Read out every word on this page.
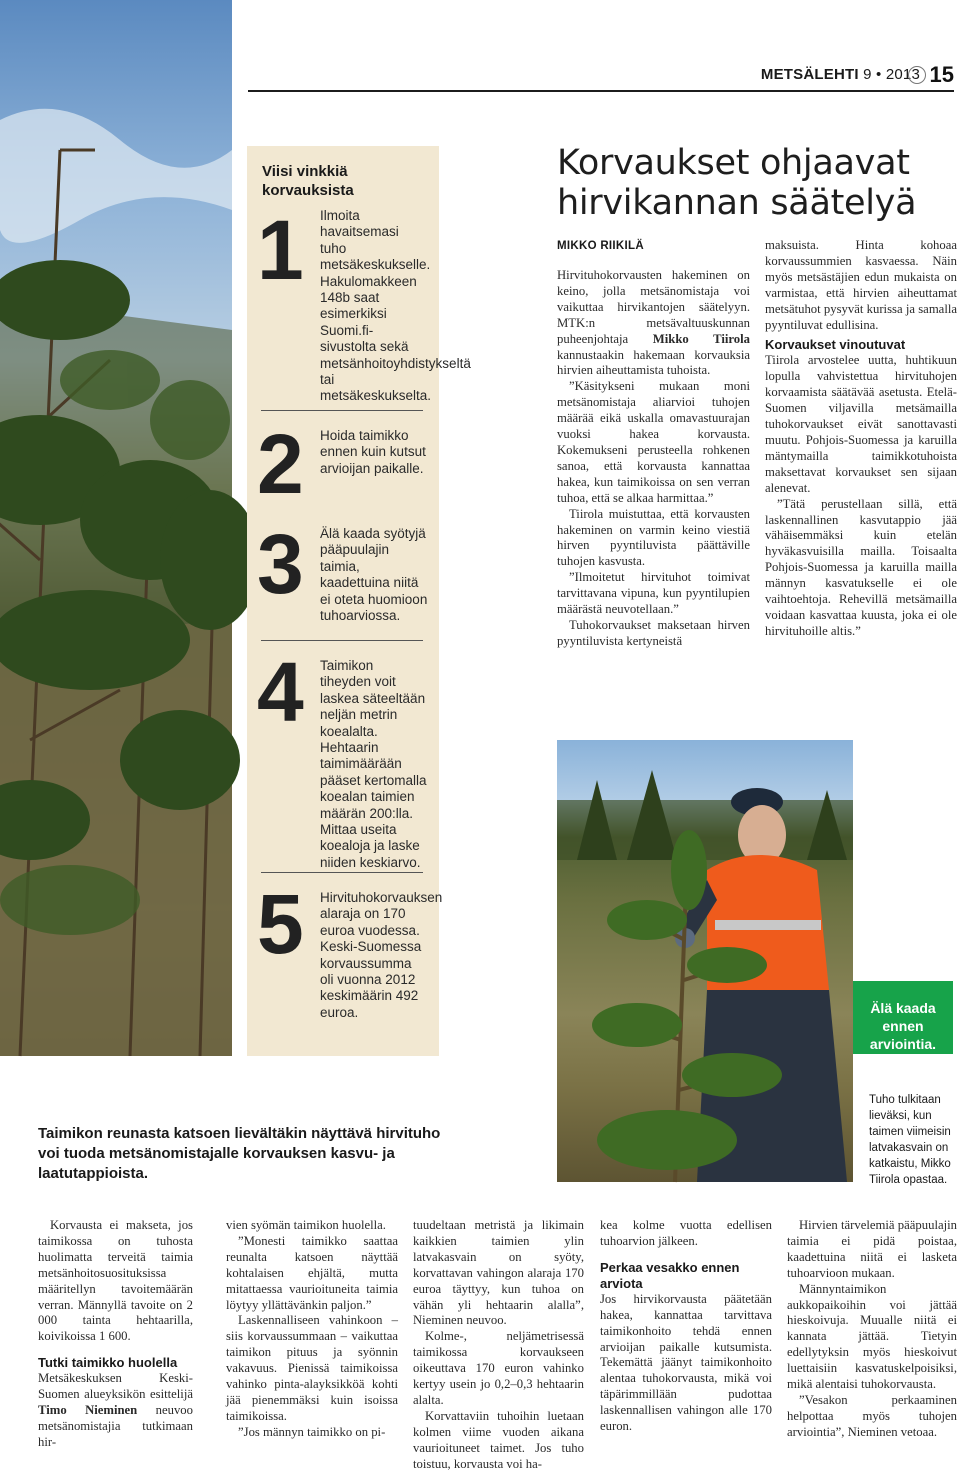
METSÄLEHTI 9 • 2013 15
Viisi vinkkiä korvauksista
1 Ilmoita havaitsemasi tuho metsäkeskukselle. Hakulomakkeen 148b saat esimerkiksi Suomi.fi-sivustolta sekä metsänhoitoyhdistykseltä tai metsäkeskukselta.
2 Hoida taimikko ennen kuin kutsut arvioijan paikalle.
3 Älä kaada syötyjä pääpuulajin taimia, kaadettuina niitä ei oteta huomioon tuhoarviossa.
4 Taimikon tiheyden voit laskea säteeltään neljän metrin koealalta. Hehtaarin taimimäärään pääset kertomalla koealan taimien määrän 200:lla. Mittaa useita koealoja ja laske niiden keskiarvo.
5 Hirvituhokorvauksen alaraja on 170 euroa vuodessa. Keski-Suomessa korvaussumma oli vuonna 2012 keskimäärin 492 euroa.
Korvaukset ohjaavat hirvikannan säätelyä
MIKKO RIIKILÄ

Hirvituhokorvausten hakeminen on keino, jolla metsänomistaja voi vaikuttaa hirvikantojen säätelyyn. MTK:n metsävaltuuskunnan puheenjohtaja Mikko Tiirola kannustaakin hakemaan korvauksia hirvien aiheuttamista tuhoista.

”Käsitykseni mukaan moni metsänomistaja aliarvioi tuhojen määrää eikä uskalla omavastuurajan vuoksi hakea korvausta. Kokemukseni perusteella rohkenen sanoa, että korvausta kannattaa hakea, kun taimikoissa on sen verran tuhoa, että se alkaa harmittaa.”

Tiirola muistuttaa, että korvausten hakeminen on varmin keino viestiä hirven pyyntiluvista päättäville tuhojen kasvusta.

”Ilmoitetut hirvituhot toimivat tarvittavana vipuna, kun pyyntilupien määrästä neuvotellaan.”

Tuhokorvaukset maksetaan hirven pyyntiluvista kertyneistä

maksuista. Hinta kohoaa korvaussummien kasvaessa. Näin myös metsästäjien edun mukaista on varmistaa, että hirvien aiheuttamat metsätuhot pysyvät kurissa ja samalla pyyntiluvat edullisina.

Korvaukset vinoutuvat

Tiirola arvostelee uutta, huhtikuun lopulla vahvistettua hirvituhojen korvaamista säätävää asetusta. Etelä-Suomen viljavilla metsämailla tuhokorvaukset eivät sanottavasti muutu. Pohjois-Suomessa ja karuilla mäntymailla taimikkotuhoista maksettavat korvaukset sen sijaan alenevat.

”Tätä perustellaan sillä, että laskennallinen kasvutappio jää vähäisemmäksi kuin etelän hyväkasvuisilla mailla. Toisaalta Pohjois-Suomessa ja karuilla mailla männyn kasvatukselle ei ole vaihtoehtoja. Rehevillä metsämailla voidaan kasvattaa kuusta, joka ei ole hirvituhoille altis.”

Älä kaada ennen arviointia.
Tuho tulkitaan lieväksi, kun taimen viimeisin latvakasvain on katkaistu, Mikko Tiirola opastaa.
Taimikon reunasta katsoen lievältäkin näyttävä hirvituho voi tuoda metsänomistajalle korvauksen kasvu- ja laatutappioista.

Korvausta ei makseta, jos taimikossa on tuhosta huolimatta terveitä taimia metsänhoitosuosituksissa määritellyn tavoitemäärän verran. Männyllä tavoite on 2 000 tainta hehtaarilla, koivikoissa 1 600.

Tutki taimikko huolella

Metsäkeskuksen Keski-Suomen alueyksikön esittelijä Timo Nieminen neuvoo metsänomistajia tutkimaan hir-

vien syömän taimikon huolella.

”Monesti taimikko saattaa reunalta katsoen näyttää kohtalaisen ehjältä, mutta mitattaessa vaurioituneita taimia löytyy yllättävänkin paljon.”

Laskennalliseen vahinkoon – siis korvaussummaan – vaikuttaa taimikon pituus ja syönnin vakavuus. Pienissä taimikoissa vahinko pinta-alayksikköä kohti jää pienemmäksi kuin isoissa taimikoissa.

”Jos männyn taimikko on pi-

tuudeltaan metristä ja likimain kaikkien taimien ylin latvakasvain on syöty, korvattavan vahingon alaraja 170 euroa täyttyy, kun tuhoa on vähän yli hehtaarin alalla”, Nieminen neuvoo.

Kolme-, neljämetrisessä taimikossa korvaukseen oikeuttava 170 euron vahinko kertyy usein jo 0,2–0,3 hehtaarin alalta.

Korvattaviin tuhoihin luetaan kolmen viime vuoden aikana vaurioituneet taimet. Jos tuho toistuu, korvausta voi ha-

kea kolme vuotta edellisen tuhoarvion jälkeen.

Perkaa vesakko ennen arviota

Jos hirvikorvausta päätetään hakea, kannattaa tarvittava taimikonhoito tehdä ennen arvioijan paikalle kutsumista. Tekemättä jäänyt taimikonhoito alentaa tuhokorvausta, mikä voi täpärimmillään pudottaa laskennallisen vahingon alle 170 euron.

Hirvien tärvelemiä pääpuulajin taimia ei pidä poistaa, kaadettuina niitä ei lasketa tuhoarvioon mukaan.

Männyntaimikon aukkopaikoihin voi jättää hieskoivuja. Muualle niitä ei kannata jättää. Tietyin edellytyksin myös hieskoivut luettaisiin kasvatuskelpoisiksi, mikä alentaisi tuhokorvausta.

”Vesakon perkaaminen helpottaa myös tuhojen arviointia”, Nieminen vetoaa.
